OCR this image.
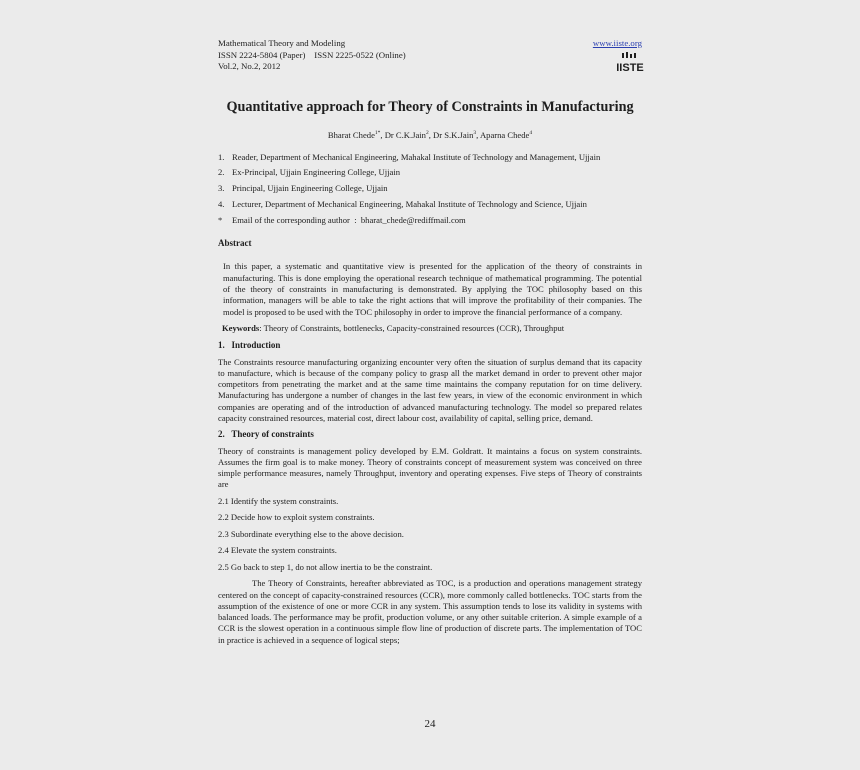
Mathematical Theory and Modeling
ISSN 2224-5804 (Paper)    ISSN 2225-0522 (Online)
Vol.2, No.2, 2012
www.iiste.org
IISTE
Quantitative approach for Theory of Constraints in Manufacturing
Bharat Chede$^{1*}$, Dr C.K.Jain$^2$, Dr S.K.Jain$^3$, Aparna Chede$^4$
1. Reader, Department of Mechanical Engineering, Mahakal Institute of Technology and Management, Ujjain
2. Ex-Principal, Ujjain Engineering College, Ujjain
3. Principal, Ujjain Engineering College, Ujjain
4. Lecturer, Department of Mechanical Engineering, Mahakal Institute of Technology and Science, Ujjain
*	Email of the corresponding author  :  bharat_chede@rediffmail.com
Abstract
In this paper, a systematic and quantitative view is presented for the application of the theory of constraints in manufacturing. This is done employing the operational research technique of mathematical programming. The potential of the theory of constraints in manufacturing is demonstrated. By applying the TOC philosophy based on this information, managers will be able to take the right actions that will improve the profitability of their companies. The model is proposed to be used with the TOC philosophy in order to improve the financial performance of a company.
Keywords: Theory of Constraints, bottlenecks, Capacity-constrained resources (CCR), Throughput
1.   Introduction

The Constraints resource manufacturing organizing encounter very often the situation of surplus demand that its capacity to manufacture, which is because of the company policy to grasp all the market demand in order to prevent other major competitors from penetrating the market and at the same time maintains the company reputation for on time delivery. Manufacturing has undergone a number of changes in the last few years, in view of the economic environment in which companies are operating and of the introduction of advanced manufacturing technology. The model so prepared relates capacity constrained resources, material cost, direct labour cost, availability of capital, selling price, demand.

2.   Theory of constraints

Theory of constraints is management policy developed by E.M. Goldratt. It maintains a focus on system constraints. Assumes the firm goal is to make money. Theory of constraints concept of measurement system was conceived on three simple performance measures, namely Throughput, inventory and operating expenses. Five steps of Theory of constraints are

2.1 Identify the system constraints.
2.2 Decide how to exploit system constraints.
2.3 Subordinate everything else to the above decision.
2.4 Elevate the system constraints.
2.5 Go back to step 1, do not allow inertia to be the constraint.

The Theory of Constraints, hereafter abbreviated as TOC, is a production and operations management strategy centered on the concept of capacity-constrained resources (CCR), more commonly called bottlenecks. TOC starts from the assumption of the existence of one or more CCR in any system. This assumption tends to lose its validity in systems with balanced loads. The performance may be profit, production volume, or any other suitable criterion. A simple example of a CCR is the slowest operation in a continuous simple flow line of production of discrete parts. The implementation of TOC in practice is achieved in a sequence of logical steps;

24
